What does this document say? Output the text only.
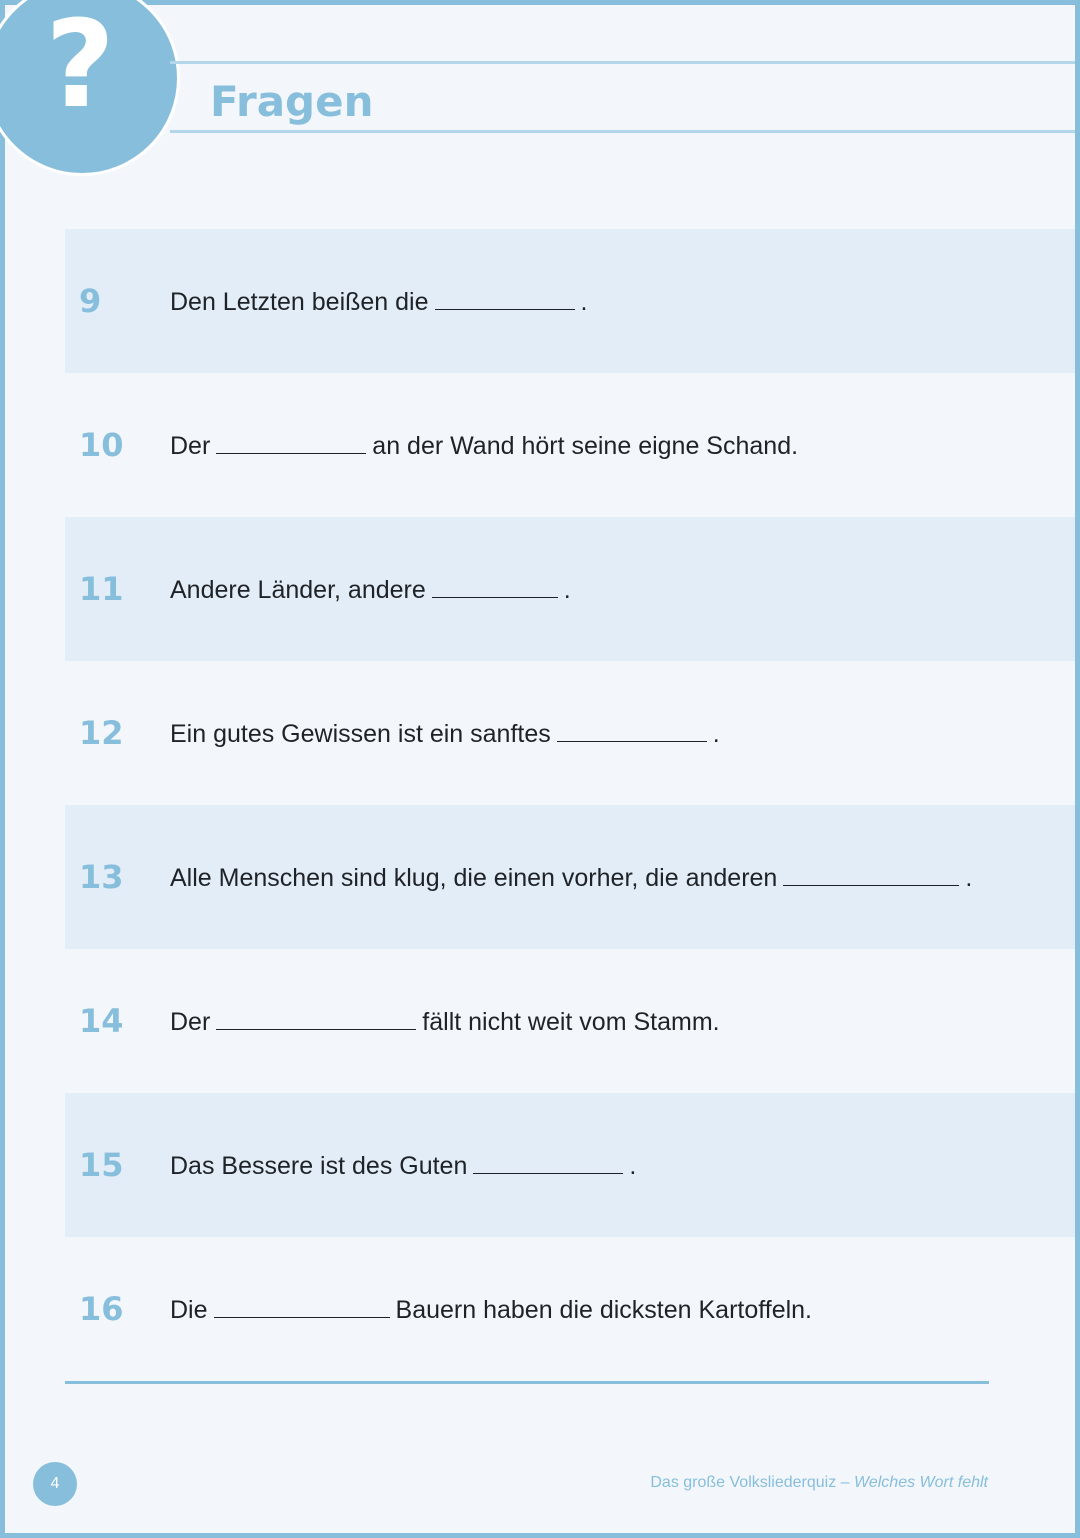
? Fragen
9	Den Letzten beißen die	.
10	Der	an der Wand hört seine eigne Schand.
11	Andere Länder, andere	.
12	Ein gutes Gewissen ist ein sanftes	.
13	Alle Menschen sind klug, die einen vorher, die anderen	.
14	Der	fällt nicht weit vom Stamm.
15	Das Bessere ist des Guten	.
16	Die	Bauern haben die dicksten Kartoffeln.
4	Das große Volksliederquiz – Welches Wort fehlt
